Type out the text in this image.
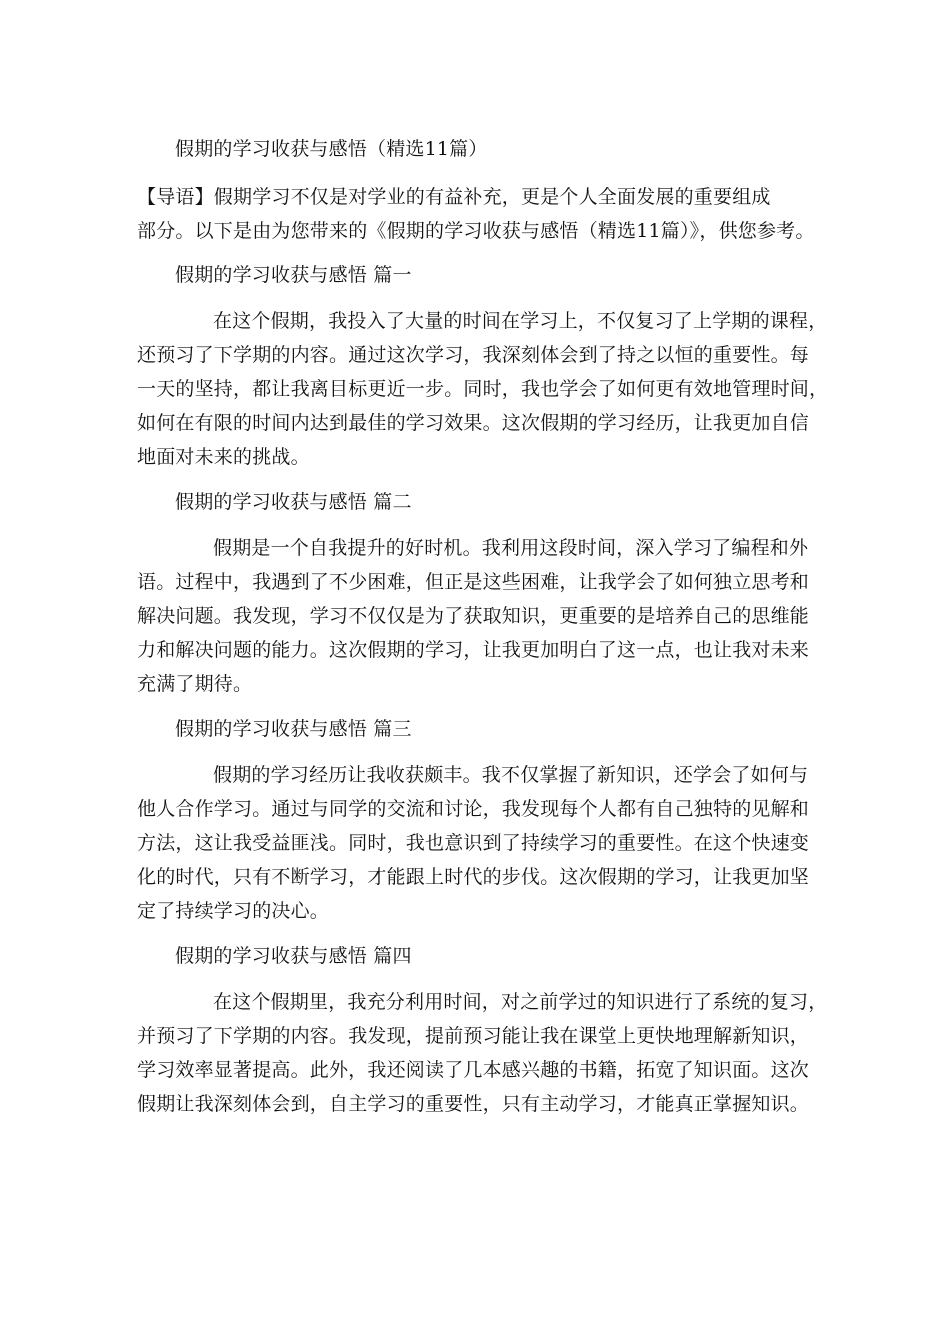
假期的学习收获与感悟（精选11篇）
【导语】假期学习不仅是对学业的有益补充，更是个人全面发展的重要组成
部分。以下是由为您带来的《假期的学习收获与感悟（精选11篇）》，供您参考。
假期的学习收获与感悟 篇一
在这个假期，我投入了大量的时间在学习上，不仅复习了上学期的课程，
还预习了下学期的内容。通过这次学习，我深刻体会到了持之以恒的重要性。每
一天的坚持，都让我离目标更近一步。同时，我也学会了如何更有效地管理时间，
如何在有限的时间内达到最佳的学习效果。这次假期的学习经历，让我更加自信
地面对未来的挑战。
假期的学习收获与感悟 篇二
假期是一个自我提升的好时机。我利用这段时间，深入学习了编程和外
语。过程中，我遇到了不少困难，但正是这些困难，让我学会了如何独立思考和
解决问题。我发现，学习不仅仅是为了获取知识，更重要的是培养自己的思维能
力和解决问题的能力。这次假期的学习，让我更加明白了这一点，也让我对未来
充满了期待。
假期的学习收获与感悟 篇三
假期的学习经历让我收获颇丰。我不仅掌握了新知识，还学会了如何与
他人合作学习。通过与同学的交流和讨论，我发现每个人都有自己独特的见解和
方法，这让我受益匪浅。同时，我也意识到了持续学习的重要性。在这个快速变
化的时代，只有不断学习，才能跟上时代的步伐。这次假期的学习，让我更加坚
定了持续学习的决心。
假期的学习收获与感悟 篇四
在这个假期里，我充分利用时间，对之前学过的知识进行了系统的复习，
并预习了下学期的内容。我发现，提前预习能让我在课堂上更快地理解新知识，
学习效率显著提高。此外，我还阅读了几本感兴趣的书籍，拓宽了知识面。这次
假期让我深刻体会到，自主学习的重要性，只有主动学习，才能真正掌握知识。
